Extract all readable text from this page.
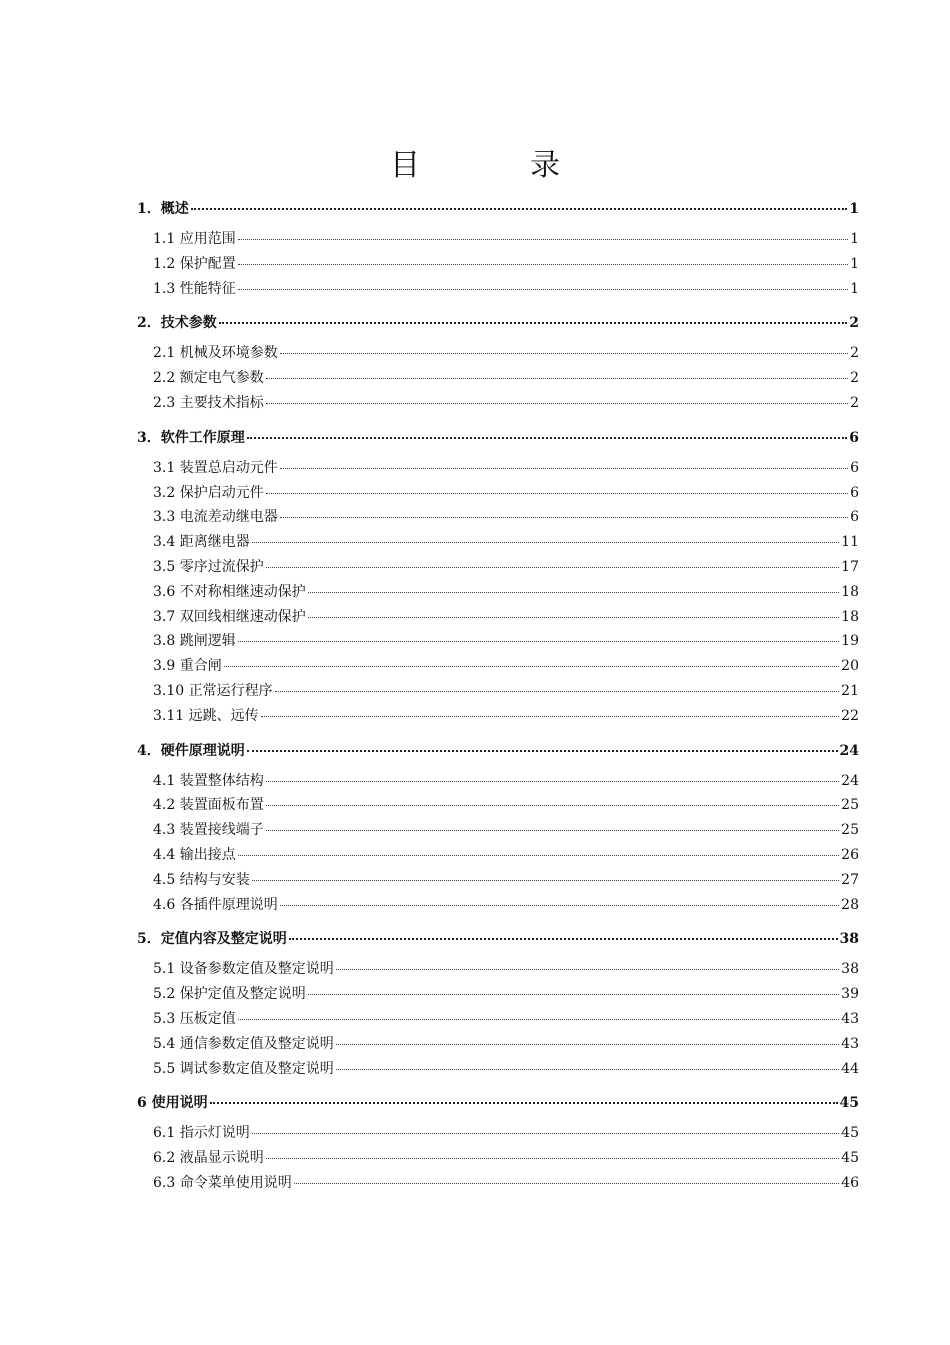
目　录
1．概述	1
1.1 应用范围	1
1.2 保护配置	1
1.3 性能特征	1
2．技术参数	2
2.1 机械及环境参数	2
2.2 额定电气参数	2
2.3 主要技术指标	2
3．软件工作原理	6
3.1 装置总启动元件	6
3.2 保护启动元件	6
3.3 电流差动继电器	6
3.4 距离继电器	11
3.5 零序过流保护	17
3.6 不对称相继速动保护	18
3.7 双回线相继速动保护	18
3.8 跳闸逻辑	19
3.9 重合闸	20
3.10 正常运行程序	21
3.11 远跳、远传	22
4．硬件原理说明	24
4.1 装置整体结构	24
4.2 装置面板布置	25
4.3 装置接线端子	25
4.4 输出接点	26
4.5 结构与安装	27
4.6 各插件原理说明	28
5．定值内容及整定说明	38
5.1 设备参数定值及整定说明	38
5.2 保护定值及整定说明	39
5.3 压板定值	43
5.4 通信参数定值及整定说明	43
5.5 调试参数定值及整定说明	44
6 使用说明	45
6.1 指示灯说明	45
6.2 液晶显示说明	45
6.3 命令菜单使用说明	46
